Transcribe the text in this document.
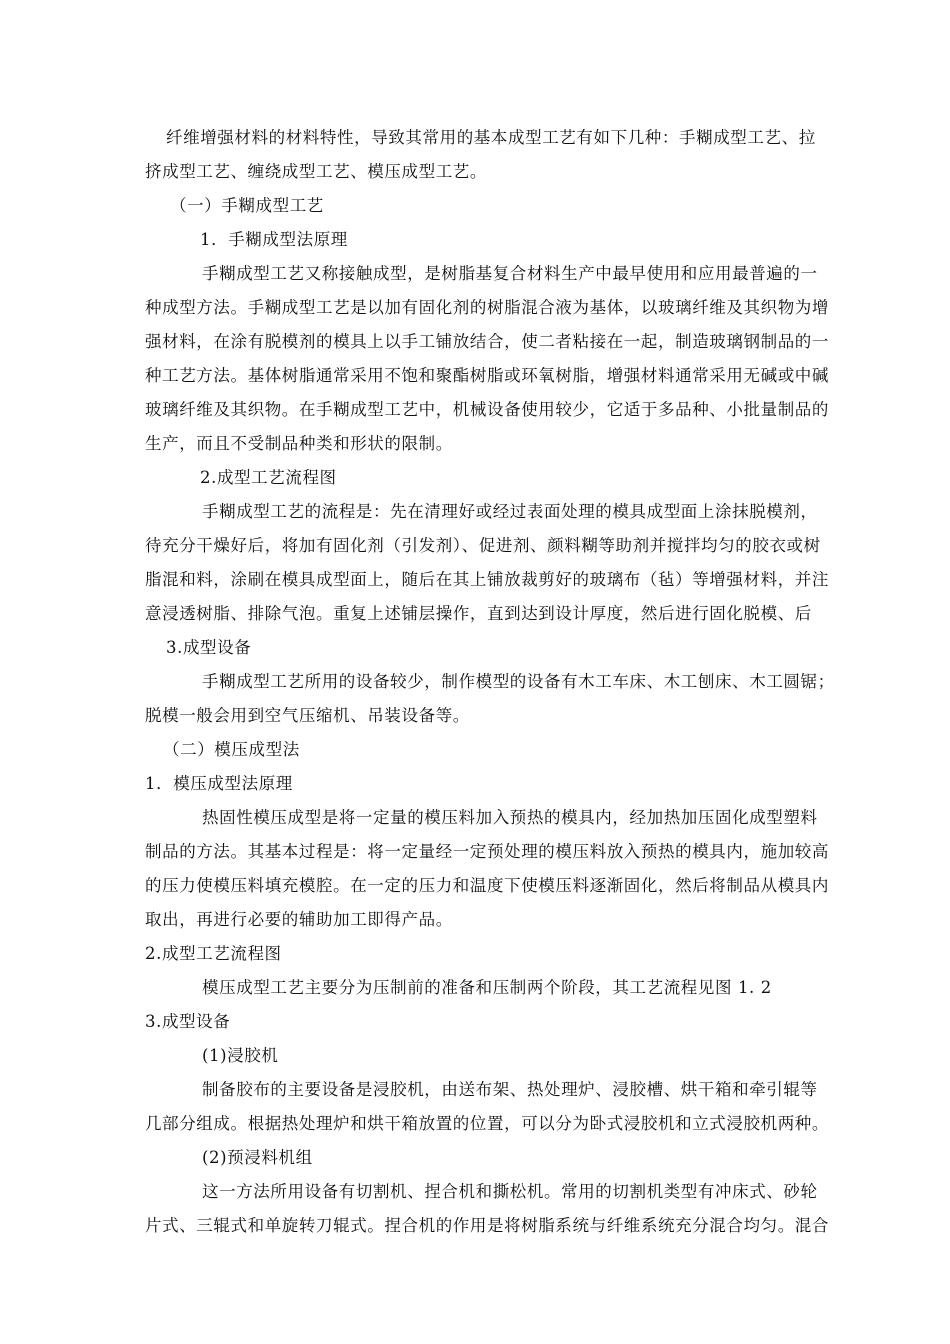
纤维增强材料的材料特性，导致其常用的基本成型工艺有如下几种：手糊成型工艺、拉
挤成型工艺、缠绕成型工艺、模压成型工艺。
（一）手糊成型工艺
1．手糊成型法原理
手糊成型工艺又称接触成型，是树脂基复合材料生产中最早使用和应用最普遍的一
种成型方法。手糊成型工艺是以加有固化剂的树脂混合液为基体，以玻璃纤维及其织物为增
强材料，在涂有脱模剂的模具上以手工铺放结合，使二者粘接在一起，制造玻璃钢制品的一
种工艺方法。基体树脂通常采用不饱和聚酯树脂或环氧树脂，增强材料通常采用无碱或中碱
玻璃纤维及其织物。在手糊成型工艺中，机械设备使用较少，它适于多品种、小批量制品的
生产，而且不受制品种类和形状的限制。
2.成型工艺流程图
手糊成型工艺的流程是：先在清理好或经过表面处理的模具成型面上涂抹脱模剂，
待充分干燥好后，将加有固化剂（引发剂）、促进剂、颜料糊等助剂并搅拌均匀的胶衣或树
脂混和料，涂刷在模具成型面上，随后在其上铺放裁剪好的玻璃布（毡）等增强材料，并注
意浸透树脂、排除气泡。重复上述铺层操作，直到达到设计厚度，然后进行固化脱模、后
3.成型设备
手糊成型工艺所用的设备较少，制作模型的设备有木工车床、木工刨床、木工圆锯；
脱模一般会用到空气压缩机、吊装设备等。
（二）模压成型法
1．模压成型法原理
热固性模压成型是将一定量的模压料加入预热的模具内，经加热加压固化成型塑料
制品的方法。其基本过程是：将一定量经一定预处理的模压料放入预热的模具内，施加较高
的压力使模压料填充模腔。在一定的压力和温度下使模压料逐渐固化，然后将制品从模具内
取出，再进行必要的辅助加工即得产品。
2.成型工艺流程图
模压成型工艺主要分为压制前的准备和压制两个阶段，其工艺流程见图 1. 2
3.成型设备
(1)浸胶机
制备胶布的主要设备是浸胶机，由送布架、热处理炉、浸胶槽、烘干箱和牵引辊等
几部分组成。根据热处理炉和烘干箱放置的位置，可以分为卧式浸胶机和立式浸胶机两种。
(2)预浸料机组
这一方法所用设备有切割机、捏合机和撕松机。常用的切割机类型有冲床式、砂轮
片式、三辊式和单旋转刀辊式。捏合机的作用是将树脂系统与纤维系统充分混合均匀。混合
